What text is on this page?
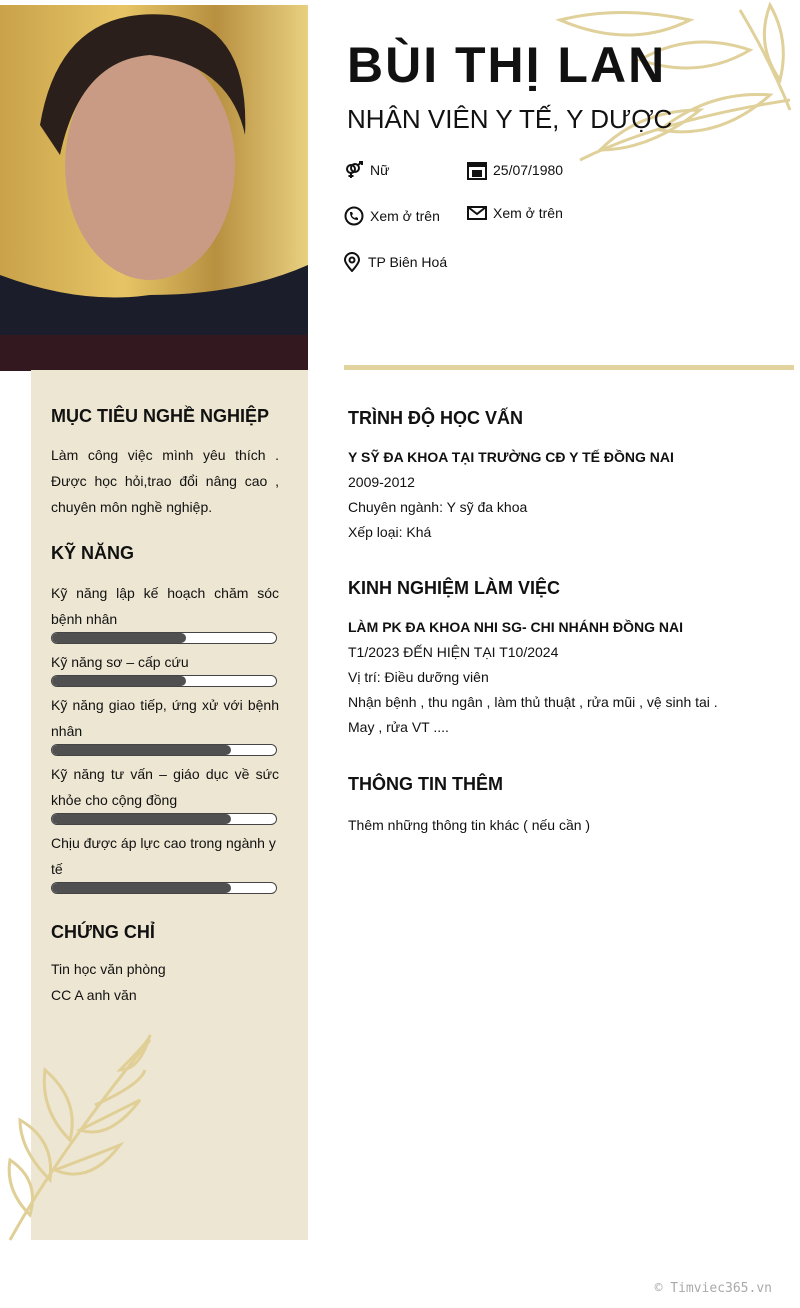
BÙI THỊ LAN
NHÂN VIÊN Y TẾ, Y DƯỢC
Nữ	25/07/1980
Xem ở trên	Xem ở trên
TP Biên Hoá
MỤC TIÊU NGHỀ NGHIỆP
Làm công việc mình yêu thích . Được học hỏi,trao đổi nâng cao , chuyên môn nghề nghiệp.
KỸ NĂNG
Kỹ năng lập kế hoạch chăm sóc bệnh nhân
Kỹ năng sơ – cấp cứu
Kỹ năng giao tiếp, ứng xử với bệnh nhân
Kỹ năng tư vấn – giáo dục về sức khỏe cho cộng đồng
Chịu được áp lực cao trong ngành y tế
CHỨNG CHỈ
Tin học văn phòng
CC A anh văn
TRÌNH ĐỘ HỌC VẤN
Y SỸ ĐA KHOA TẠI TRƯỜNG CĐ Y TẾ ĐỒNG NAI
2009-2012
Chuyên ngành: Y sỹ đa khoa
Xếp loại: Khá
KINH NGHIỆM LÀM VIỆC
LÀM PK ĐA KHOA NHI SG- CHI NHÁNH ĐỒNG NAI
T1/2023 ĐẾN HIỆN TẠI T10/2024
Vị trí: Điều dưỡng viên
Nhận bệnh , thu ngân , làm thủ thuật , rửa mũi , vệ sinh tai . May , rửa VT ....
THÔNG TIN THÊM
Thêm những thông tin khác ( nếu cần )
© Timviec365.vn
